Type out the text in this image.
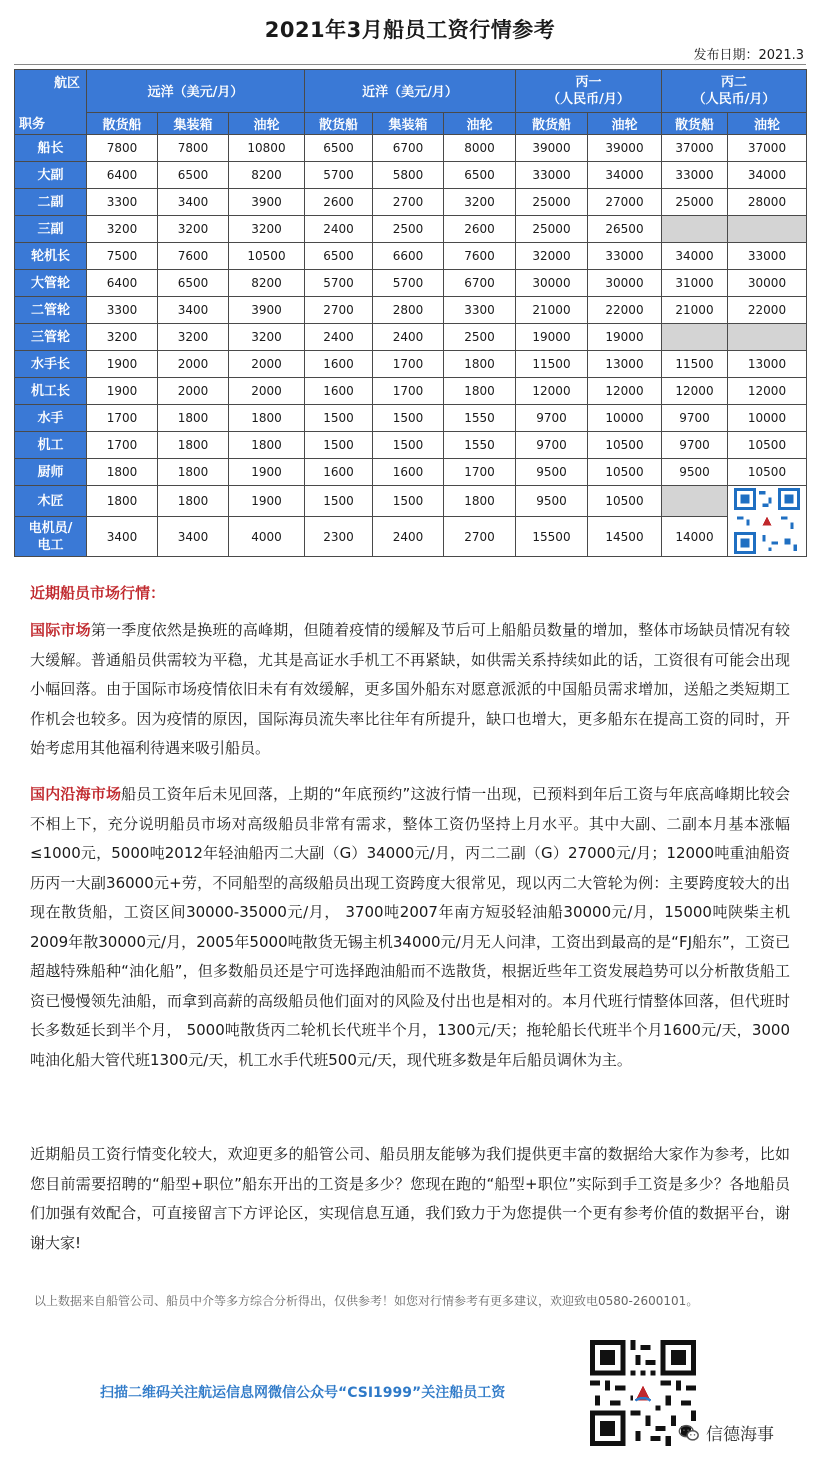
2021年3月船员工资行情参考
发布日期：2021.3
航区
职务	远洋（美元/月）			近洋（美元/月）			丙一
（人民币/月）		丙二
（人民币/月）	
	散货船	集装箱	油轮	散货船	集装箱	油轮	散货船	油轮	散货船	油轮
船长	7800	7800	10800	6500	6700	8000	39000	39000	37000	37000
大副	6400	6500	8200	5700	5800	6500	33000	34000	33000	34000
二副	3300	3400	3900	2600	2700	3200	25000	27000	25000	28000
三副	3200	3200	3200	2400	2500	2600	25000	26500		
轮机长	7500	7600	10500	6500	6600	7600	32000	33000	34000	33000
大管轮	6400	6500	8200	5700	5700	6700	30000	30000	31000	30000
二管轮	3300	3400	3900	2700	2800	3300	21000	22000	21000	22000
三管轮	3200	3200	3200	2400	2400	2500	19000	19000		
水手长	1900	2000	2000	1600	1700	1800	11500	13000	11500	13000
机工长	1900	2000	2000	1600	1700	1800	12000	12000	12000	12000
水手	1700	1800	1800	1500	1500	1550	9700	10000	9700	10000
机工	1700	1800	1800	1500	1500	1550	9700	10500	9700	10500
厨师	1800	1800	1900	1600	1600	1700	9500	10500	9500	10500
木匠	1800	1800	1900	1500	1500	1800	9500	10500		

电机员/
电工	3400	3400	4000	2300	2400	2700	15500	14500	14000	
近期船员市场行情：
国际市场第一季度依然是换班的高峰期，但随着疫情的缓解及节后可上船船员数量的增加，整体市场缺员情况有较大缓解。普通船员供需较为平稳，尤其是高证水手机工不再紧缺，如供需关系持续如此的话，工资很有可能会出现小幅回落。由于国际市场疫情依旧未有有效缓解，更多国外船东对愿意派派的中国船员需求增加，送船之类短期工作机会也较多。因为疫情的原因，国际海员流失率比往年有所提升，缺口也增大，更多船东在提高工资的同时，开始考虑用其他福利待遇来吸引船员。
国内沿海市场船员工资年后未见回落，上期的“年底预约”这波行情一出现，已预料到年后工资与年底高峰期比较会不相上下，充分说明船员市场对高级船员非常有需求，整体工资仍坚持上月水平。其中大副、二副本月基本涨幅≤1000元，5000吨2012年轻油船丙二大副（G）34000元/月，丙二二副（G）27000元/月；12000吨重油船资历丙一大副36000元+劳，不同船型的高级船员出现工资跨度大很常见，现以丙二大管轮为例：主要跨度较大的出现在散货船，工资区间30000-35000元/月， 3700吨2007年南方短驳轻油船30000元/月，15000吨陕柴主机2009年散30000元/月，2005年5000吨散货无锡主机34000元/月无人问津，工资出到最高的是“FJ船东”，工资已超越特殊船种“油化船”，但多数船员还是宁可选择跑油船而不选散货，根据近些年工资发展趋势可以分析散货船工资已慢慢领先油船，而拿到高薪的高级船员他们面对的风险及付出也是相对的。本月代班行情整体回落，但代班时长多数延长到半个月， 5000吨散货丙二轮机长代班半个月，1300元/天；拖轮船长代班半个月1600元/天，3000吨油化船大管代班1300元/天，机工水手代班500元/天，现代班多数是年后船员调休为主。
近期船员工资行情变化较大，欢迎更多的船管公司、船员朋友能够为我们提供更丰富的数据给大家作为参考，比如您目前需要招聘的“船型+职位”船东开出的工资是多少？您现在跑的“船型+职位”实际到手工资是多少？各地船员们加强有效配合，可直接留言下方评论区，实现信息互通，我们致力于为您提供一个更有参考价值的数据平台，谢谢大家!
以上数据来自船管公司、船员中介等多方综合分析得出，仅供参考！如您对行情参考有更多建议，欢迎致电0580-2600101。
扫描二维码关注航运信息网微信公众号“CSI1999”关注船员工资
信德海事
